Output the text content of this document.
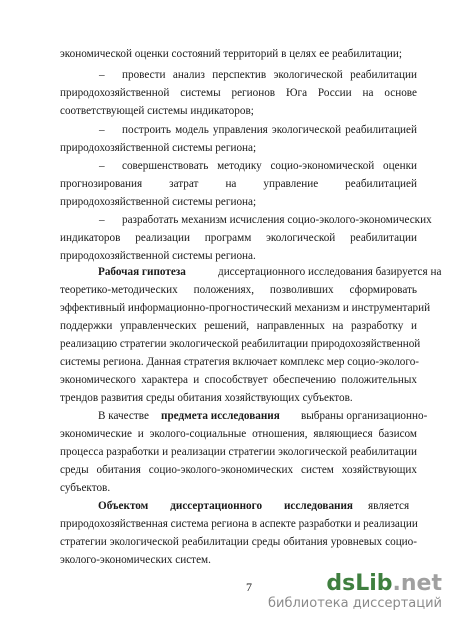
экономической оценки состояний территорий в целях ее реабилитации;
– провести анализ перспектив экологической реабилитации
природохозяйственной системы регионов Юга России на основе
соответствующей системы индикаторов;
– построить модель управления экологической реабилитацией
природохозяйственной системы региона;
– совершенствовать методику социо-экономической оценки
прогнозирования затрат на управление реабилитацией
природохозяйственной системы региона;
– разработать механизм исчисления социо-эколого-экономических
индикаторов реализации программ экологической реабилитации
природохозяйственной системы региона.
Рабочая гипотеза	диссертационного исследования базируется на
теоретико-методических положениях, позволивших сформировать
эффективный информационно-прогностический механизм и инструментарий
поддержки управленческих решений, направленных на разработку и
реализацию стратегии экологической реабилитации природохозяйственной
системы региона. Данная стратегия включает комплекс мер социо-эколого-
экономического характера и способствует обеспечению положительных
трендов развития среды обитания хозяйствующих субъектов.
В качестве	предмета исследования	выбраны организационно-
экономические и эколого-социальные отношения, являющиеся базисом
процесса разработки и реализации стратегии экологической реабилитации
среды обитания социо-эколого-экономических систем хозяйствующих
субъектов.
Объектом диссертационного исследования является
природохозяйственная система региона в аспекте разработки и реализации
стратегии экологической реабилитации среды обитания уровневых социо-
эколого-экономических систем.
7	dsLib.net
библиотека диссертаций
